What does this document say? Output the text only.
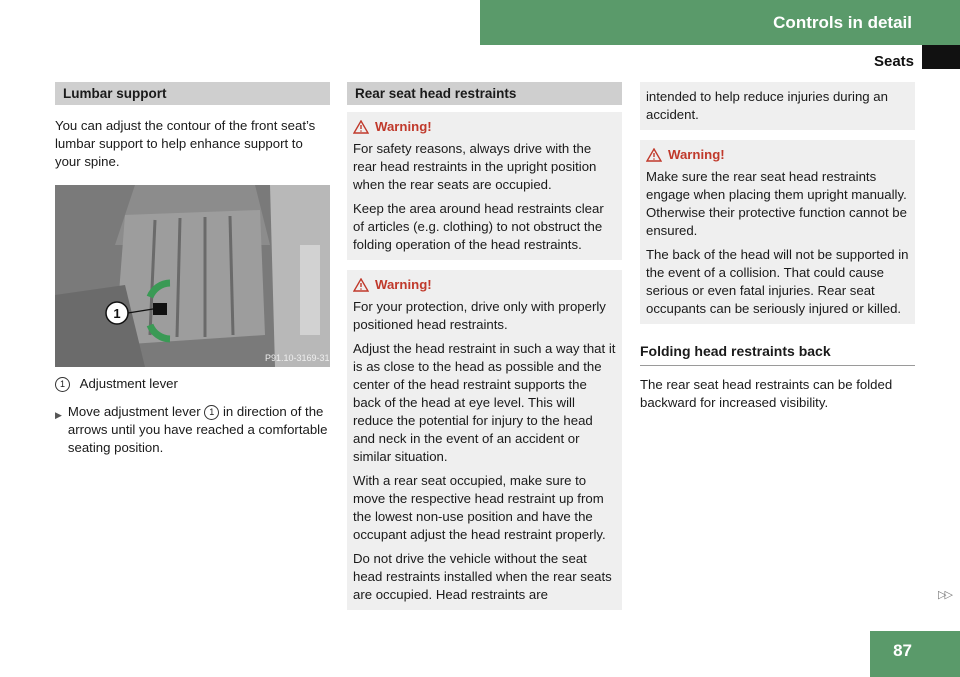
Controls in detail
Seats
Lumbar support

You can adjust the contour of the front seat’s lumbar support to help enhance support to your spine.

1
P91.10-3169-31

1 Adjustment lever

▶ Move adjustment lever 1 in direction of the arrows until you have reached a comfortable seating position.

Rear seat head restraints
Warning!

For safety reasons, always drive with the rear head restraints in the upright position when the rear seats are occupied.

Keep the area around head restraints clear of articles (e.g. clothing) to not obstruct the folding operation of the head restraints.

Warning!

For your protection, drive only with properly positioned head restraints.

Adjust the head restraint in such a way that it is as close to the head as possible and the center of the head restraint supports the back of the head at eye level. This will reduce the potential for injury to the head and neck in the event of an accident or similar situation.

With a rear seat occupied, make sure to move the respective head restraint up from the lowest non-use position and have the occupant adjust the head restraint properly.

Do not drive the vehicle without the seat head restraints installed when the rear seats are occupied. Head restraints are

intended to help reduce injuries during an accident.

Warning!

Make sure the rear seat head restraints engage when placing them upright manually. Otherwise their protective function cannot be ensured.

The back of the head will not be supported in the event of a collision. That could cause serious or even fatal injuries. Rear seat occupants can be seriously injured or killed.

Folding head restraints back

The rear seat head restraints can be folded backward for increased visibility.

▷▷
87
